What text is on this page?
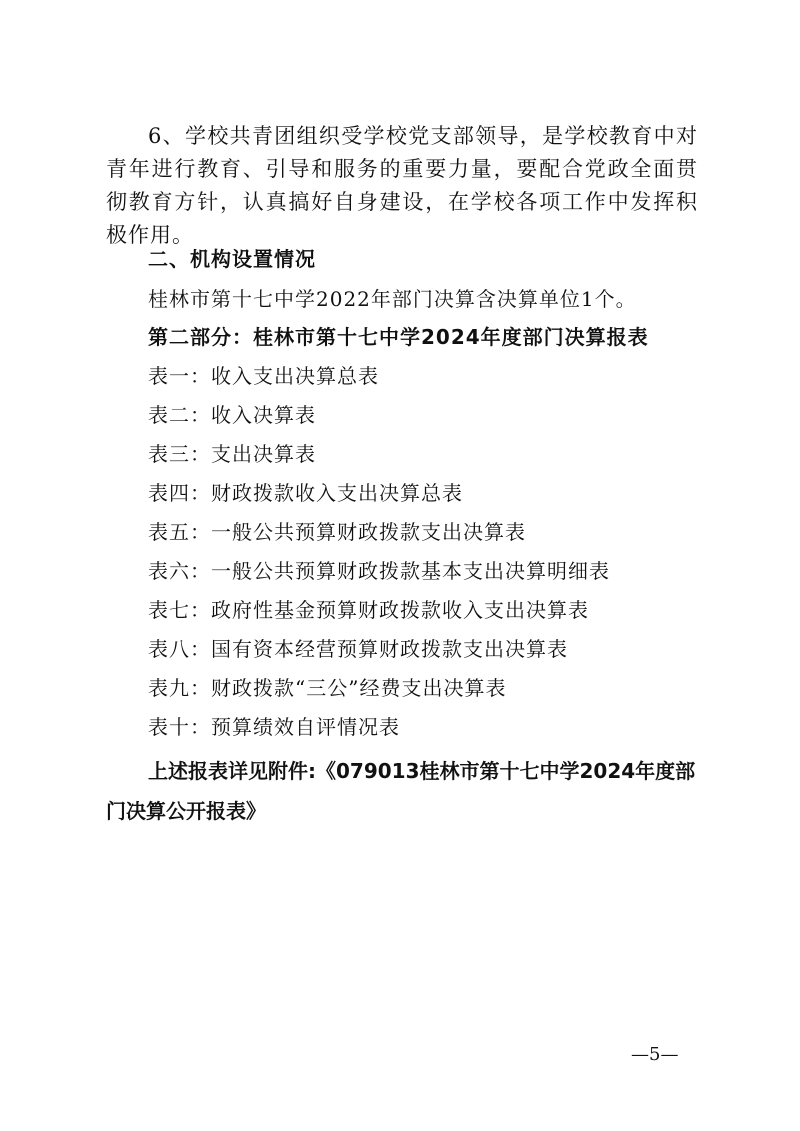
6、学校共青团组织受学校党支部领导，是学校教育中对青年进行教育、引导和服务的重要力量，要配合党政全面贯彻教育方针，认真搞好自身建设，在学校各项工作中发挥积极作用。

二、机构设置情况

桂林市第十七中学2022年部门决算含决算单位1个。

第二部分：桂林市第十七中学2024年度部门决算报表

表一：收入支出决算总表

表二：收入决算表

表三：支出决算表

表四：财政拨款收入支出决算总表

表五：一般公共预算财政拨款支出决算表

表六：一般公共预算财政拨款基本支出决算明细表

表七：政府性基金预算财政拨款收入支出决算表

表八：国有资本经营预算财政拨款支出决算表

表九：财政拨款“三公”经费支出决算表

表十：预算绩效自评情况表

上述报表详见附件:《079013桂林市第十七中学2024年度部门决算公开报表》

—5—
